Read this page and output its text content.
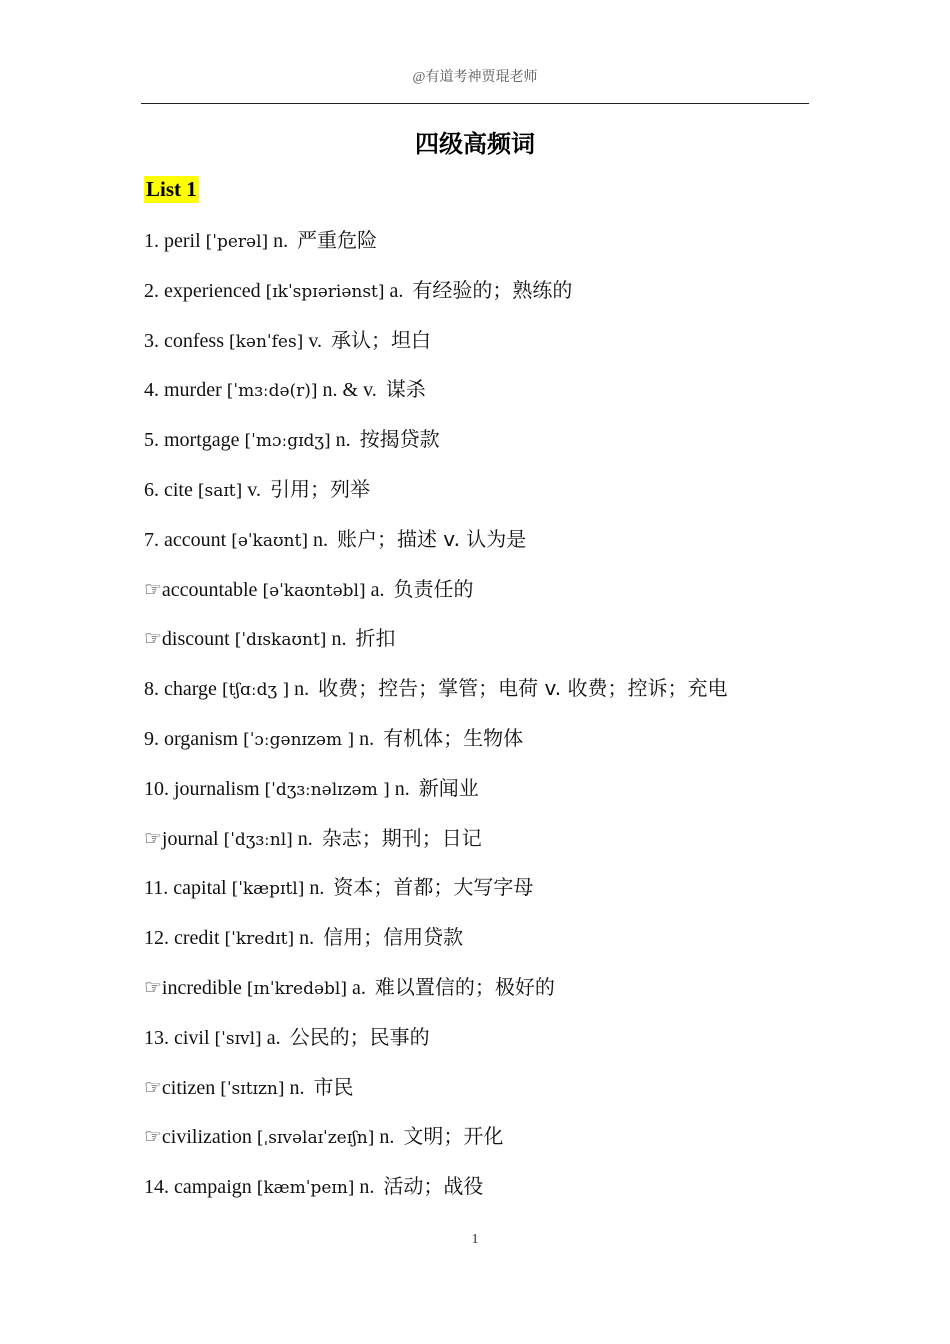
@有道考神贾琨老师
四级高频词
List 1
1. peril [ˈperəl] n. 严重危险
2. experienced [ɪkˈspɪəriənst] a. 有经验的；熟练的
3. confess [kənˈfes] v. 承认；坦白
4. murder [ˈmɜːdə(r)] n. & v. 谋杀
5. mortgage [ˈmɔːgɪdʒ] n. 按揭贷款
6. cite [saɪt] v. 引用；列举
7. account [əˈkaʊnt] n. 账户；描述 v. 认为是
☞accountable [əˈkaʊntəbl] a. 负责任的
☞discount [ˈdɪskaʊnt] n. 折扣
8. charge [tʃɑːdʒ ] n. 收费；控告；掌管；电荷 v. 收费；控诉；充电
9. organism [ˈɔːgənɪzəm ] n. 有机体；生物体
10. journalism [ˈdʒɜːnəlɪzəm ] n. 新闻业
☞journal [ˈdʒɜːnl] n. 杂志；期刊；日记
11. capital [ˈkæpɪtl] n. 资本；首都；大写字母
12. credit [ˈkredɪt] n. 信用；信用贷款
☞incredible [ɪnˈkredəbl] a. 难以置信的；极好的
13. civil [ˈsɪvl] a. 公民的；民事的
☞citizen [ˈsɪtɪzn] n. 市民
☞civilization [ˌsɪvəlaɪˈzeɪʃn] n. 文明；开化
14. campaign [kæmˈpeɪn] n. 活动；战役
1
